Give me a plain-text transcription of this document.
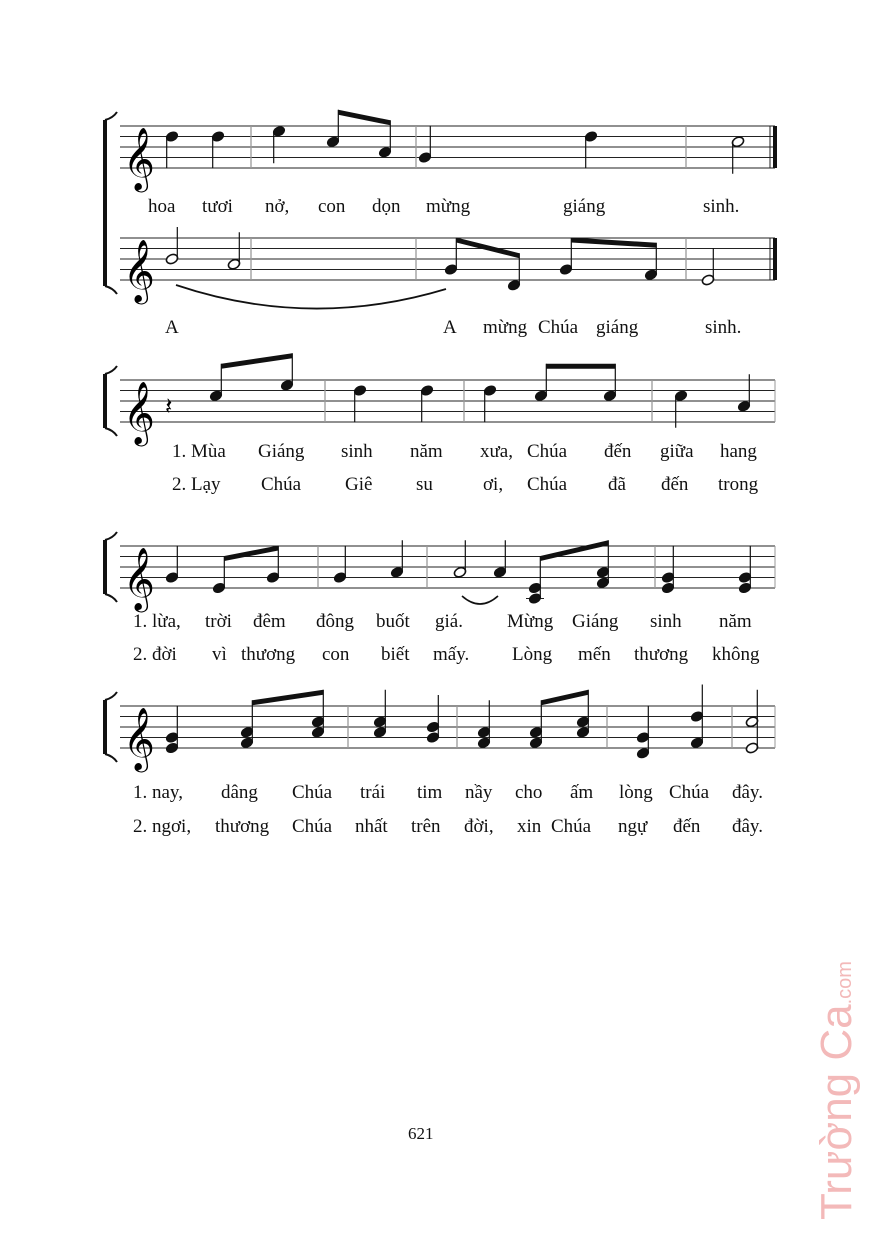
𝄞
𝄞
𝄞
𝄞
𝄞
𝄽
hoa tươi nở, con dọn mừng	giáng	sinh.
A	A mừng Chúa giáng	sinh.
1. Mùa Giáng sinh năm xưa, Chúa đến giữa hang
2. Lạy Chúa Giê su	ơi, Chúa đã đến trong
1. lừa, trời đêm đông buốt giá. Mừng Giáng sinh năm
2. đời vì thương con biết mấy. Lòng mến thương không
1. nay, dâng Chúa trái tim nầy cho ấm lòng Chúa đây.
2. ngơi, thương Chúa nhất trên đời, xin Chúa ngự đến đây.
621	Trường Ca.com
